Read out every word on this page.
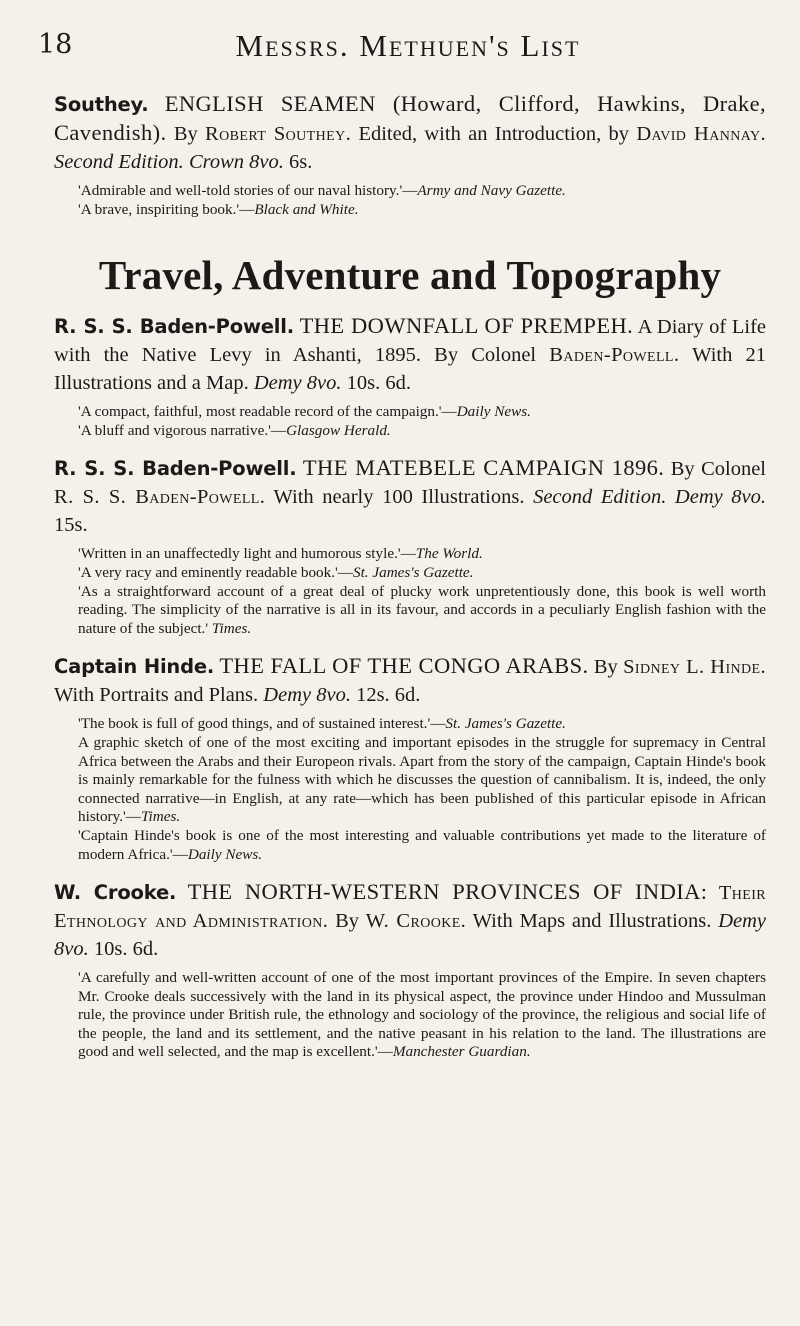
18	Messrs. Methuen's List

Southey. ENGLISH SEAMEN (Howard, Clifford, Hawkins, Drake, Cavendish). By Robert Southey. Edited, with an Introduction, by David Hannay. Second Edition. Crown 8vo. 6s.

'Admirable and well-told stories of our naval history.'—Army and Navy Gazette.

'A brave, inspiriting book.'—Black and White.

Travel, Adventure and Topography

R. S. S. Baden-Powell. THE DOWNFALL OF PREMPEH. A Diary of Life with the Native Levy in Ashanti, 1895. By Colonel Baden-Powell. With 21 Illustrations and a Map. Demy 8vo. 10s. 6d.

'A compact, faithful, most readable record of the campaign.'—Daily News.

'A bluff and vigorous narrative.'—Glasgow Herald.

R. S. S. Baden-Powell. THE MATEBELE CAMPAIGN 1896. By Colonel R. S. S. Baden-Powell. With nearly 100 Illustrations. Second Edition. Demy 8vo. 15s.

'Written in an unaffectedly light and humorous style.'—The World.

'A very racy and eminently readable book.'—St. James's Gazette.

'As a straightforward account of a great deal of plucky work unpretentiously done, this book is well worth reading. The simplicity of the narrative is all in its favour, and accords in a peculiarly English fashion with the nature of the subject.' Times.

Captain Hinde. THE FALL OF THE CONGO ARABS. By Sidney L. Hinde. With Portraits and Plans. Demy 8vo. 12s. 6d.

'The book is full of good things, and of sustained interest.'—St. James's Gazette.

A graphic sketch of one of the most exciting and important episodes in the struggle for supremacy in Central Africa between the Arabs and their Europeon rivals. Apart from the story of the campaign, Captain Hinde's book is mainly remarkable for the fulness with which he discusses the question of cannibalism. It is, indeed, the only connected narrative—in English, at any rate—which has been published of this particular episode in African history.'—Times.

'Captain Hinde's book is one of the most interesting and valuable contributions yet made to the literature of modern Africa.'—Daily News.

W. Crooke. THE NORTH-WESTERN PROVINCES OF INDIA: Their Ethnology and Administration. By W. Crooke. With Maps and Illustrations. Demy 8vo. 10s. 6d.

'A carefully and well-written account of one of the most important provinces of the Empire. In seven chapters Mr. Crooke deals successively with the land in its physical aspect, the province under Hindoo and Mussulman rule, the province under British rule, the ethnology and sociology of the province, the religious and social life of the people, the land and its settlement, and the native peasant in his relation to the land. The illustrations are good and well selected, and the map is excellent.'—Manchester Guardian.
